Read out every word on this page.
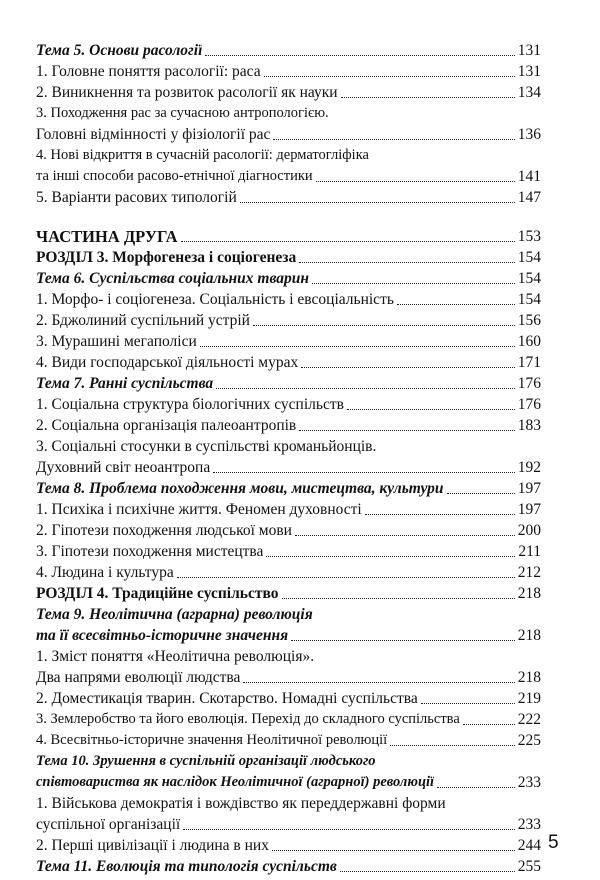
Тема 5. Основи расології	131
1. Головне поняття расології: раса	131
2. Виникнення та розвиток расології як науки	134
3. Походження рас за сучасною антропологією.
Головні відмінності у фізіології рас	136
4. Нові відкриття в сучасній расології: дерматогліфіка
та інші способи расово-етнічної діагностики	141
5. Варіанти расових типологій	147
ЧАСТИНА ДРУГА	153
РОЗДІЛ 3. Морфогенеза і соціогенеза	154
Тема 6. Суспільства соціальних тварин	154
1. Морфо- і соціогенеза. Соціальність і евсоціальність	154
2. Бджолиний суспільний устрій	156
3. Мурашині мегаполіси	160
4. Види господарської діяльності мурах	171
Тема 7. Ранні суспільства	176
1. Соціальна структура біологічних суспільств	176
2. Соціальна організація палеоантропів	183
3. Соціальні стосунки в суспільстві кроманьйонців.
Духовний світ неоантропа	192
Тема 8. Проблема походження мови, мистецтва, культури	197
1. Психіка і психічне життя. Феномен духовності	197
2. Гіпотези походження людської мови	200
3. Гіпотези походження мистецтва	211
4. Людина і культура	212
РОЗДІЛ 4. Традиційне суспільство	218
Тема 9. Неолітична (аграрна) революція
та її всесвітньо-історичне значення	218
1. Зміст поняття «Неолітична революція».
Два напрями еволюції людства	218
2. Доместикація тварин. Скотарство. Номадні суспільства	219
3. Землеробство та його еволюція. Перехід до складного суспільства	222
4. Всесвітньо-історичне значення Неолітичної революції	225
Тема 10. Зрушення в суспільній організації людського
співтовариства як наслідок Неолітичної (аграрної) революції	233
1. Військова демократія і вождівство як переддержавні форми
суспільної організації	233
2. Перші цивілізації і людина в них	244
Тема 11. Еволюція та типологія суспільств	255
5
